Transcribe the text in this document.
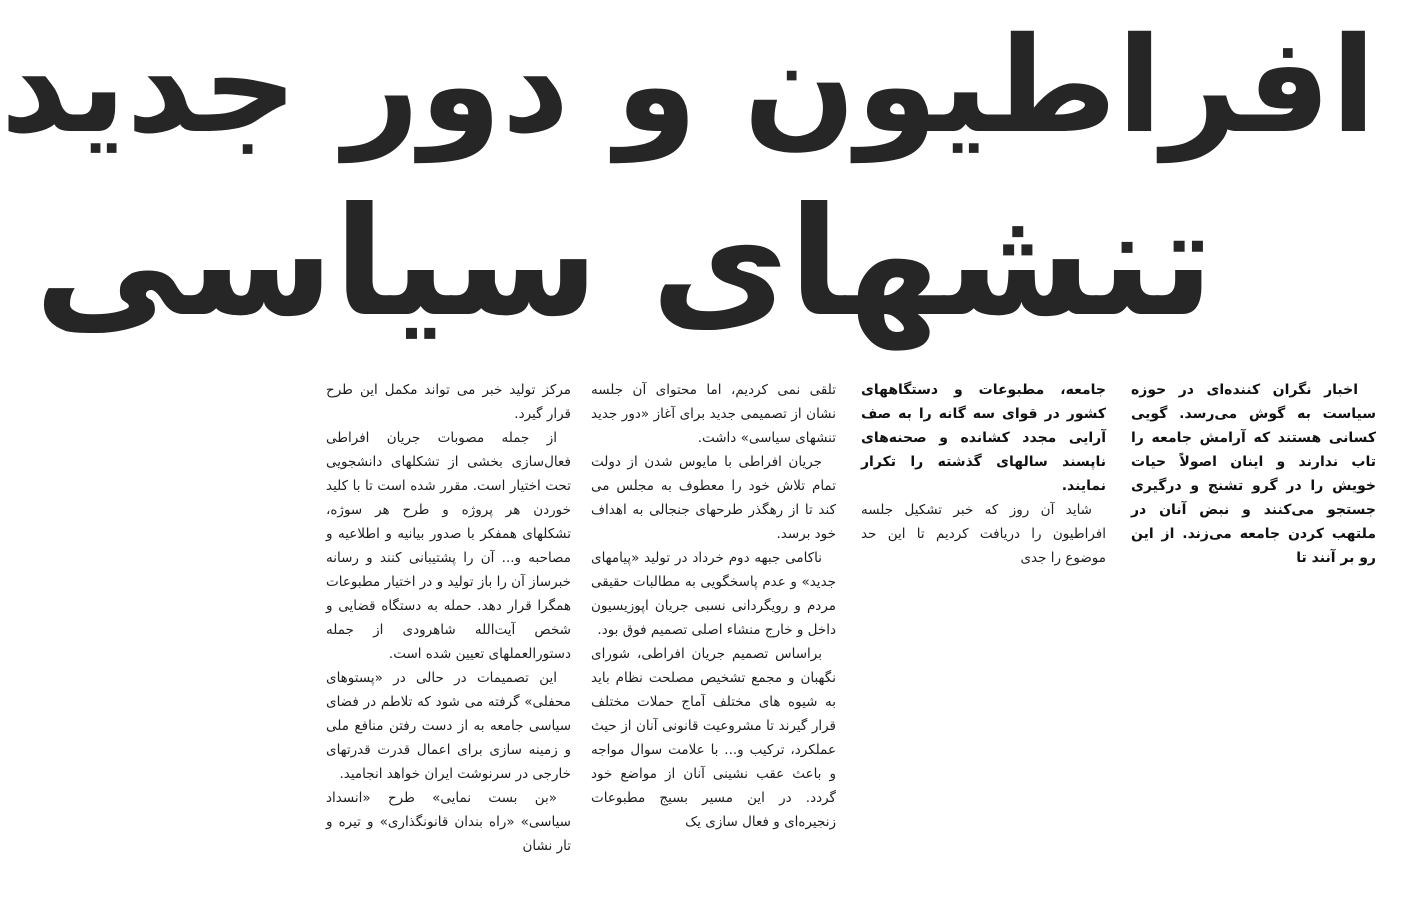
افراطیون و دور جدید
تنشهای سیاسی

اخبار نگران کننده‌ای در حوزه سیاست به گوش می‌رسد. گویی کسانی هستند که آرامش جامعه را تاب ندارند و اینان اصولاً حیات خویش را در گرو تشنج و درگیری جستجو می‌کنند و نبض آنان در ملتهب کردن جامعه می‌زند. از این رو بر آنند تا

جامعه، مطبوعات و دستگاههای کشور در قوای سه گانه را به صف آرایی مجدد کشانده و صحنه‌های ناپسند سالهای گذشته را تکرار نمایند.

شاید آن روز که خبر تشکیل جلسه افراطیون را دریافت کردیم تا این حد موضوع را جدی

تلقی نمی کردیم، اما محتوای آن جلسه نشان از تصمیمی جدید برای آغاز «دور جدید تنشهای سیاسی» داشت.

جریان افراطی با مایوس شدن از دولت تمام تلاش خود را معطوف به مجلس می کند تا از رهگذر طرحهای جنجالی به اهداف خود برسد.

ناکامی جبهه دوم خرداد در تولید «پیامهای جدید» و عدم پاسخگویی به مطالبات حقیقی مردم و رویگردانی نسبی جریان اپوزیسیون داخل و خارج منشاء اصلی تصمیم فوق بود.

براساس تصمیم جریان افراطی، شورای نگهبان و مجمع تشخیص مصلحت نظام باید به شیوه های مختلف آماج حملات مختلف قرار گیرند تا مشروعیت قانونی آنان از حیث عملکرد، ترکیب و... با علامت سوال مواجه و باعث عقب نشینی آنان از مواضع خود گردد. در این مسیر بسیج مطبوعات زنجیره‌ای و فعال سازی یک

مرکز تولید خبر می تواند مکمل این طرح قرار گیرد.

از جمله مصوبات جریان افراطی فعال‌سازی بخشی از تشکلهای دانشجویی تحت اختیار است. مقرر شده است تا با کلید خوردن هر پروژه و طرح هر سوژه، تشکلهای همفکر با صدور بیانیه و اطلاعیه و مصاحبه و... آن را پشتیبانی کنند و رسانه خبرساز آن را باز تولید و در اختیار مطبوعات همگرا قرار دهد. حمله به دستگاه قضایی و شخص آیت‌الله شاهرودی از جمله دستورالعملهای تعیین شده است.

این تصمیمات در حالی در «پستوهای محفلی» گرفته می شود که تلاطم در فضای سیاسی جامعه به از دست رفتن منافع ملی و زمینه سازی برای اعمال قدرت قدرتهای خارجی در سرنوشت ایران خواهد انجامید.

«بن بست نمایی» طرح «انسداد سیاسی» «راه بندان قانونگذاری» و تیره و تار نشان
